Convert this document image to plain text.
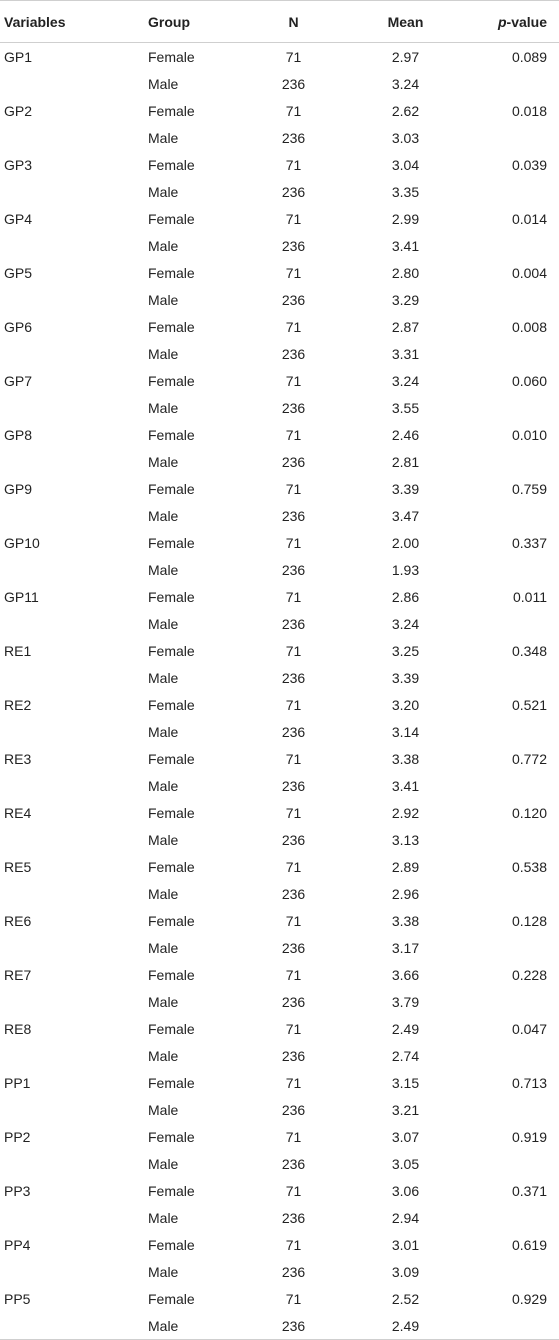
Variables	Group	N	Mean	p-value
GP1	Female	71	2.97	0.089
	Male	236	3.24	
GP2	Female	71	2.62	0.018
	Male	236	3.03	
GP3	Female	71	3.04	0.039
	Male	236	3.35	
GP4	Female	71	2.99	0.014
	Male	236	3.41	
GP5	Female	71	2.80	0.004
	Male	236	3.29	
GP6	Female	71	2.87	0.008
	Male	236	3.31	
GP7	Female	71	3.24	0.060
	Male	236	3.55	
GP8	Female	71	2.46	0.010
	Male	236	2.81	
GP9	Female	71	3.39	0.759
	Male	236	3.47	
GP10	Female	71	2.00	0.337
	Male	236	1.93	
GP11	Female	71	2.86	0.011
	Male	236	3.24	
RE1	Female	71	3.25	0.348
	Male	236	3.39	
RE2	Female	71	3.20	0.521
	Male	236	3.14	
RE3	Female	71	3.38	0.772
	Male	236	3.41	
RE4	Female	71	2.92	0.120
	Male	236	3.13	
RE5	Female	71	2.89	0.538
	Male	236	2.96	
RE6	Female	71	3.38	0.128
	Male	236	3.17	
RE7	Female	71	3.66	0.228
	Male	236	3.79	
RE8	Female	71	2.49	0.047
	Male	236	2.74	
PP1	Female	71	3.15	0.713
	Male	236	3.21	
PP2	Female	71	3.07	0.919
	Male	236	3.05	
PP3	Female	71	3.06	0.371
	Male	236	2.94	
PP4	Female	71	3.01	0.619
	Male	236	3.09	
PP5	Female	71	2.52	0.929
	Male	236	2.49	
